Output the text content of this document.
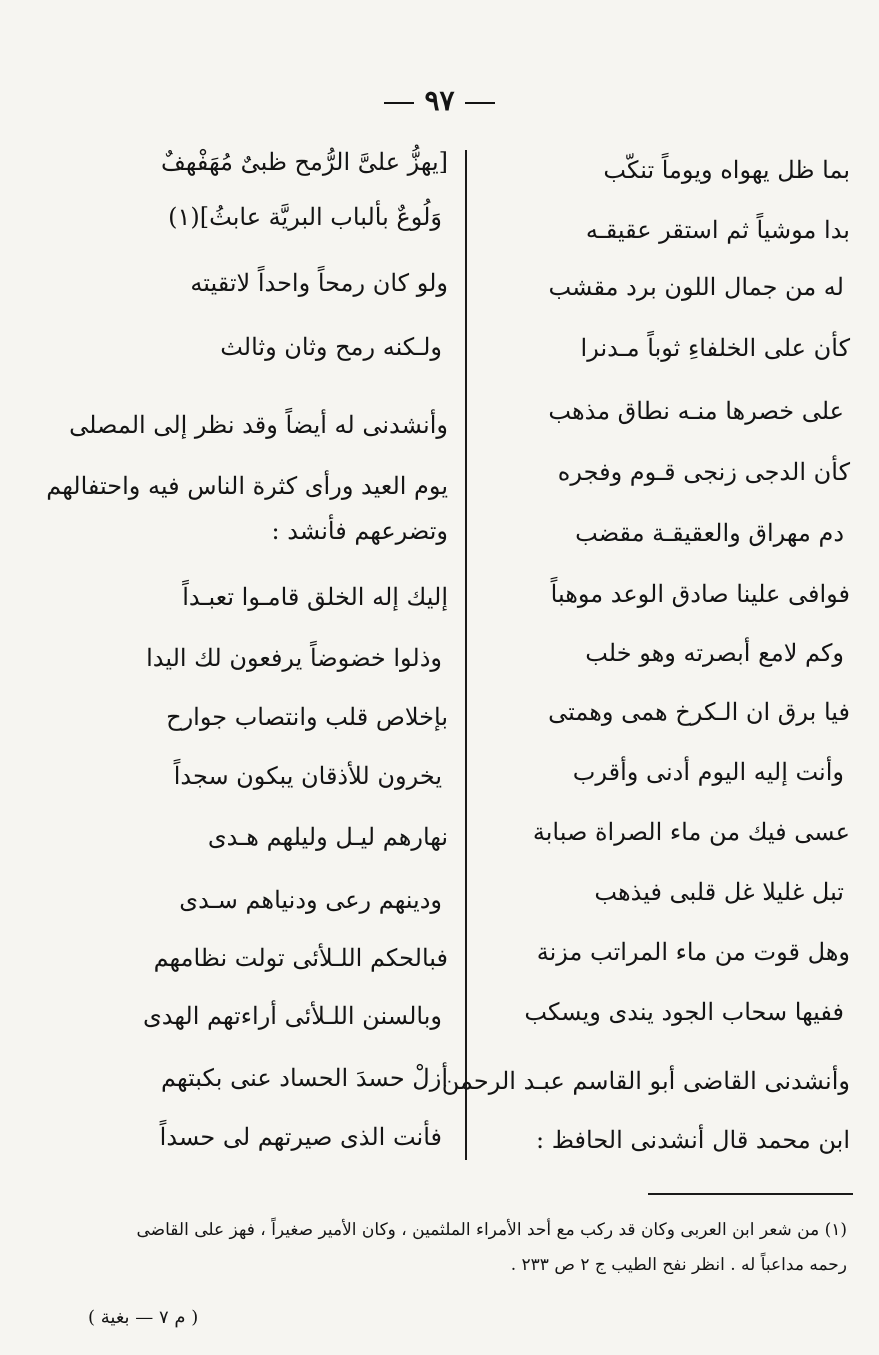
٩٧
بما ظل يهواه ويوماً تنكّب
بدا موشياً ثم استقر عقيقـه
له من جمال اللون برد مقشب
كأن على الخلفاءِ ثوباً مـدنرا
على خصرها منـه نطاق مذهب
كأن الدجى زنجى قـوم وفجره
دم مهراق والعقيقـة مقضب
فوافى علينا صادق الوعد موهباً
وكم لامع أبصرته وهو خلب
فيا برق ان الـكرخ همى وهمتى
وأنت إليه اليوم أدنى وأقرب
عسى فيك من ماء الصراة صبابة
تبل غليلا غل قلبى فيذهب
وهل قوت من ماء المراتب مزنة
ففيها سحاب الجود يندى ويسكب
وأنشدنى القاضى أبو القاسم عبـد الرحمن
ابن محمد قال أنشدنى الحافظ :
[يهزُّ علىَّ الرُّمح ظبىٌ مُهَفْهفٌ
وَلُوعٌ بألباب البريَّة عابثُ](١)
ولو كان رمحاً واحداً لاتقيته
ولـكنه رمح وثان وثالث
وأنشدنى له أيضاً وقد نظر إلى المصلى
يوم العيد ورأى كثرة الناس فيه واحتفالهم
وتضرعهم فأنشد :
إليك إله الخلق قامـوا تعبـداً
وذلوا خضوضاً يرفعون لك اليدا
بإخلاص قلب وانتصاب جوارح
يخرون للأذقان يبكون سجداً
نهارهم ليـل وليلهم هـدى
ودينهم رعى ودنياهم سـدى
فبالحكم اللـلأئى تولت نظامهم
وبالسنن اللـلأئى أراءتهم الهدى
أزلْ حسدَ الحساد عنى بكبتهم
فأنت الذى صيرتهم لى حسداً
(١) من شعر ابن العربى وكان قد ركب مع أحد الأمراء الملثمين ، وكان الأمير صغيراً ، فهز على القاضى
رحمه مداعباً له . انظر نفح الطيب ج ٢ ص ٢٣٣ .
( م ٧ — بغية )
